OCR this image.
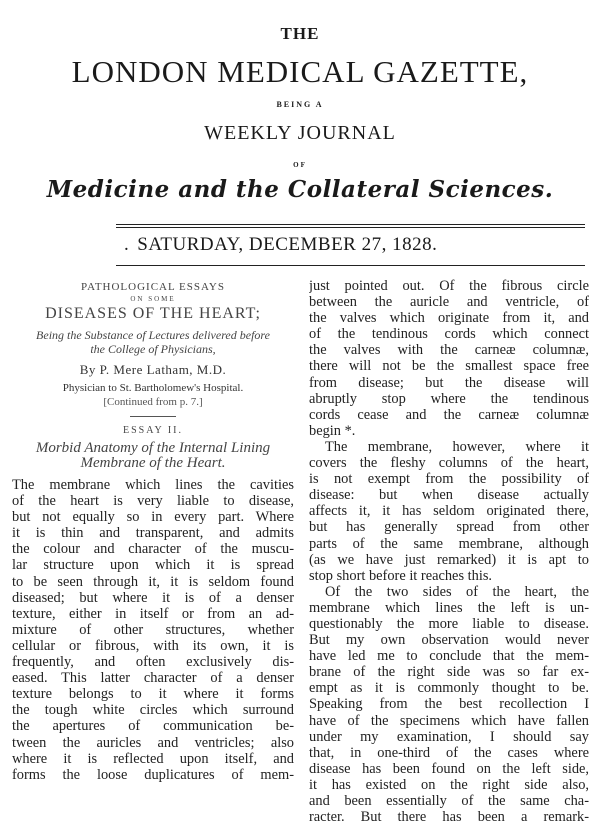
THE
LONDON MEDICAL GAZETTE,
BEING A
WEEKLY JOURNAL
OF
Medicine and the Collateral Sciences.
. SATURDAY, DECEMBER 27, 1828.
PATHOLOGICAL ESSAYS
ON SOME
DISEASES OF THE HEART;
Being the Substance of Lectures delivered before
the College of Physicians,
By P. Mere Latham, M.D.
Physician to St. Bartholomew's Hospital.
[Continued from p. 7.]
ESSAY II.
Morbid Anatomy of the Internal Lining
Membrane of the Heart.
The membrane which lines the cavities
of the heart is very liable to disease,
but not equally so in every part. Where
it is thin and transparent, and admits
the colour and character of the muscu-
lar structure upon which it is spread
to be seen through it, it is seldom found
diseased; but where it is of a denser
texture, either in itself or from an ad-
mixture of other structures, whether
cellular or fibrous, with its own, it is
frequently, and often exclusively dis-
eased. This latter character of a denser
texture belongs to it where it forms
the tough white circles which surround
the apertures of communication be-
tween the auricles and ventricles; also
where it is reflected upon itself, and
forms the loose duplicatures of mem-
just pointed out. Of the fibrous circle
between the auricle and ventricle, of
the valves which originate from it, and
of the tendinous cords which connect
the valves with the carneæ columnæ,
there will not be the smallest space free
from disease; but the disease will
abruptly stop where the tendinous
cords cease and the carneæ columnæ
begin *.
The membrane, however, where it
covers the fleshy columns of the heart,
is not exempt from the possibility of
disease: but when disease actually
affects it, it has seldom originated there,
but has generally spread from other
parts of the same membrane, although
(as we have just remarked) it is apt to
stop short before it reaches this.
Of the two sides of the heart, the
membrane which lines the left is un-
questionably the more liable to disease.
But my own observation would never
have led me to conclude that the mem-
brane of the right side was so far ex-
empt as it is commonly thought to be.
Speaking from the best recollection I
have of the specimens which have fallen
under my examination, I should say
that, in one-third of the cases where
disease has been found on the left side,
it has existed on the right side also,
and been essentially of the same cha-
racter. But there has been a remark-
